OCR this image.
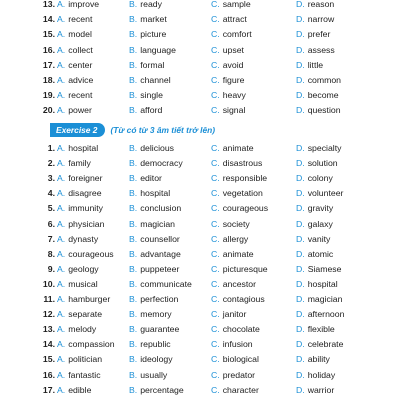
13. A. improve	B. ready	C. sample	D. reason
14. A. recent	B. market	C. attract	D. narrow
15. A. model	B. picture	C. comfort	D. prefer
16. A. collect	B. language	C. upset	D. assess
17. A. center	B. formal	C. avoid	D. little
18. A. advice	B. channel	C. figure	D. common
19. A. recent	B. single	C. heavy	D. become
20. A. power	B. afford	C. signal	D. question
Exercise 2	(Từ có từ 3 âm tiết trở lên)
1. A. hospital	B. delicious	C. animate	D. specialty
2. A. family	B. democracy	C. disastrous	D. solution
3. A. foreigner	B. editor	C. responsible	D. colony
4. A. disagree	B. hospital	C. vegetation	D. volunteer
5. A. immunity	B. conclusion	C. courageous	D. gravity
6. A. physician	B. magician	C. society	D. galaxy
7. A. dynasty	B. counsellor	C. allergy	D. vanity
8. A. courageous B. advantage	C. animate	D. atomic
9. A. geology	B. puppeteer	C. picturesque	D. Siamese
10. A. musical	B. communicate C. ancestor	D. hospital
11. A. hamburger B. perfection	C. contagious	D. magician
12. A. separate	B. memory	C. janitor	D. afternoon
13. A. melody	B. guarantee	C. chocolate	D. flexible
14. A. compassion B. republic	C. infusion	D. celebrate
15. A. politician	B. ideology	C. biological	D. ability
16. A. fantastic	B. usually	C. predator	D. holiday
17. A. edible	B. percentage	C. character	D. warrior
